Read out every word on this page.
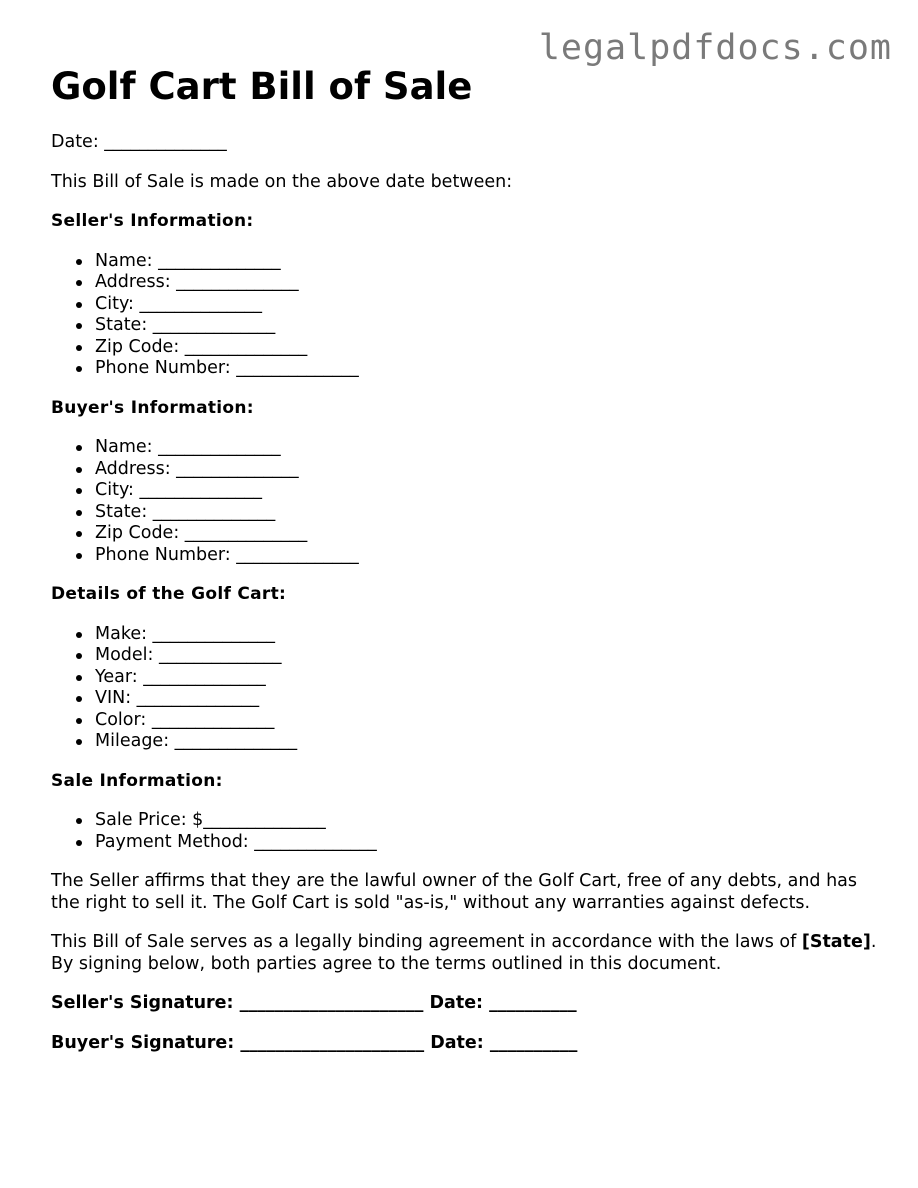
legalpdfdocs.com
Golf Cart Bill of Sale

Date: ______________

This Bill of Sale is made on the above date between:

Seller's Information:

Name: ______________
Address: ______________
City: ______________
State: ______________
Zip Code: ______________
Phone Number: ______________

Buyer's Information:

Name: ______________
Address: ______________
City: ______________
State: ______________
Zip Code: ______________
Phone Number: ______________

Details of the Golf Cart:

Make: ______________
Model: ______________
Year: ______________
VIN: ______________
Color: ______________
Mileage: ______________

Sale Information:

Sale Price: $______________
Payment Method: ______________

The Seller affirms that they are the lawful owner of the Golf Cart, free of any debts, and has the right to sell it. The Golf Cart is sold "as-is," without any warranties against defects.

This Bill of Sale serves as a legally binding agreement in accordance with the laws of [State]. By signing below, both parties agree to the terms outlined in this document.

Seller's Signature: _____________________ Date: __________

Buyer's Signature: _____________________ Date: __________
